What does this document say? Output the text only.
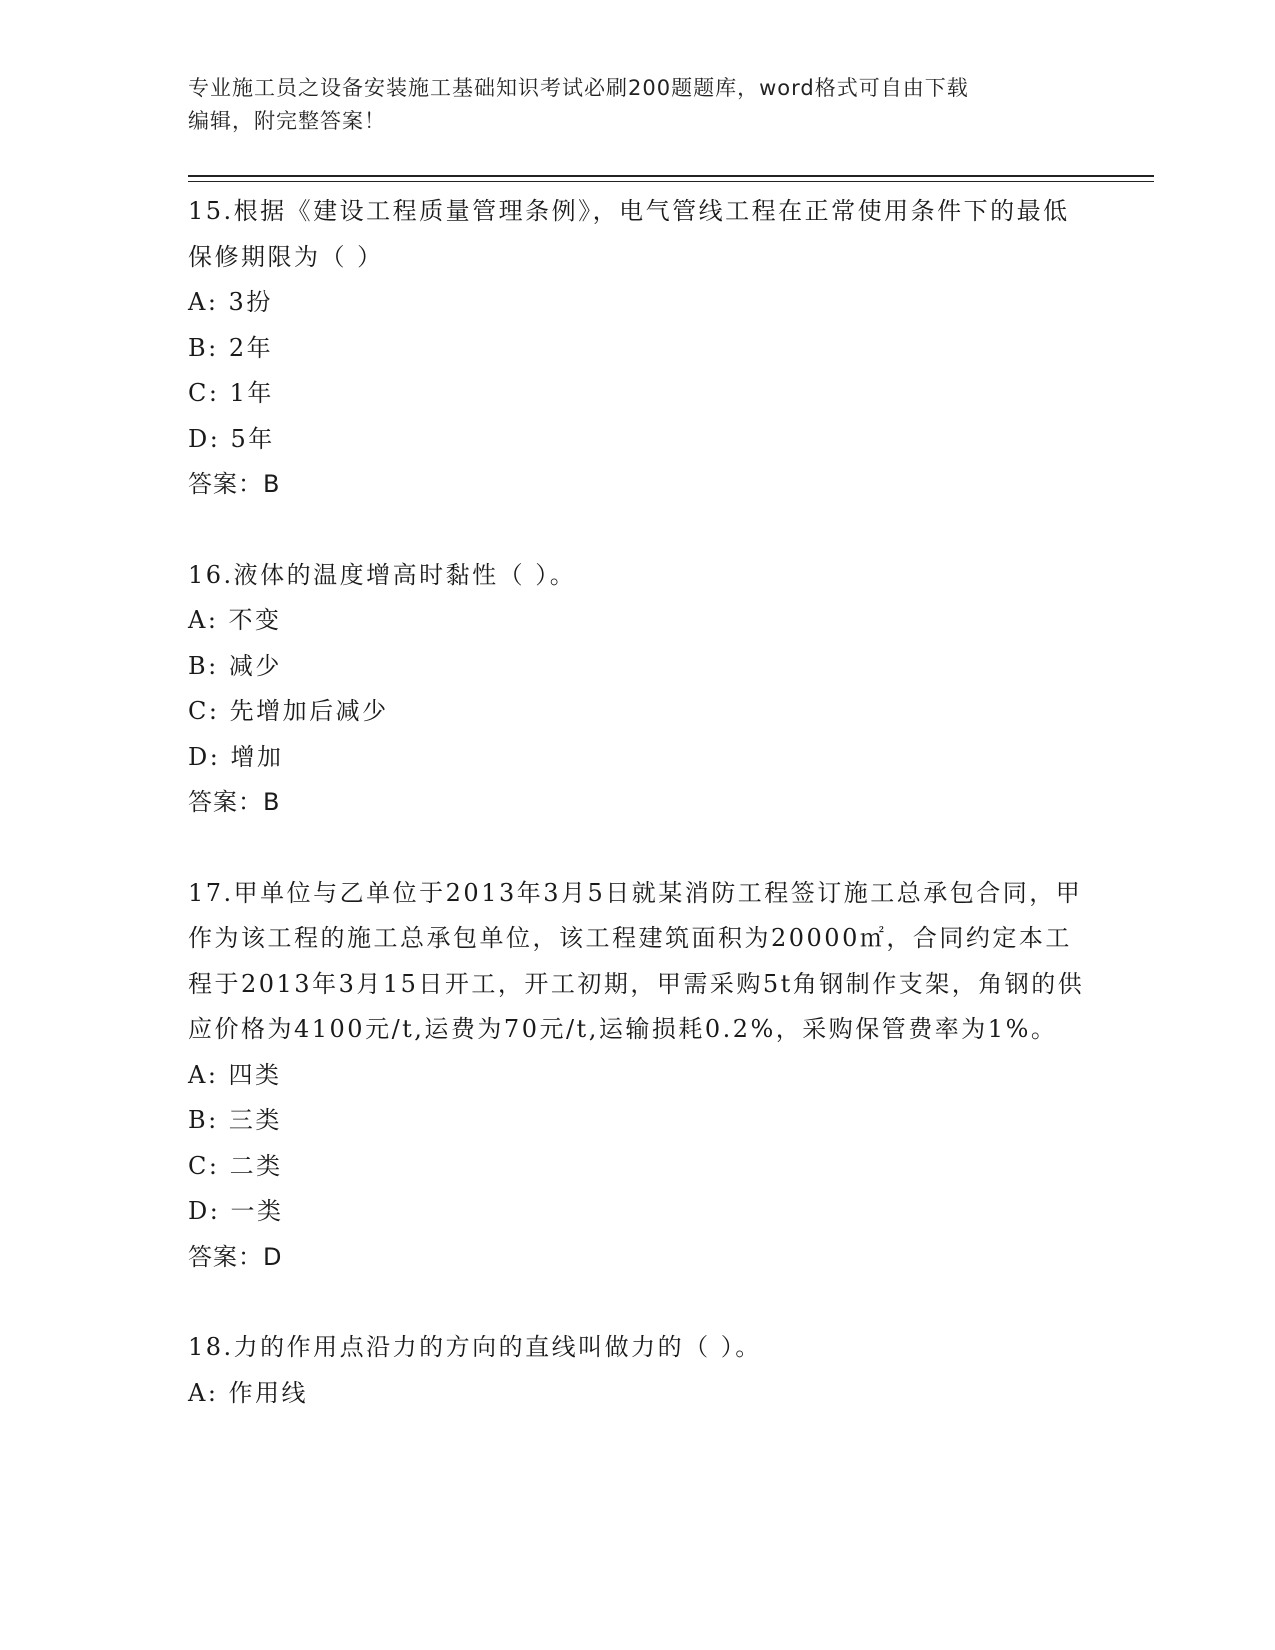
专业施工员之设备安装施工基础知识考试必刷200题题库，word格式可自由下载
编辑，附完整答案！

15.根据《建设工程质量管理条例》，电气管线工程在正常使用条件下的最低保修期限为（ ）

A: 3扮

B: 2年

C: 1年

D: 5年

答案：B

16.液体的温度增高时黏性（ ）。

A: 不变

B: 减少

C: 先增加后减少

D: 增加

答案：B

17.甲单位与乙单位于2013年3月5日就某消防工程签订施工总承包合同，甲作为该工程的施工总承包单位，该工程建筑面积为20000㎡，合同约定本工程于2013年3月15日开工，开工初期，甲需采购5t角钢制作支架，角钢的供应价格为4100元/t,运费为70元/t,运输损耗0.2%，采购保管费率为1%。

A: 四类

B: 三类

C: 二类

D: 一类

答案：D

18.力的作用点沿力的方向的直线叫做力的（ ）。

A: 作用线
